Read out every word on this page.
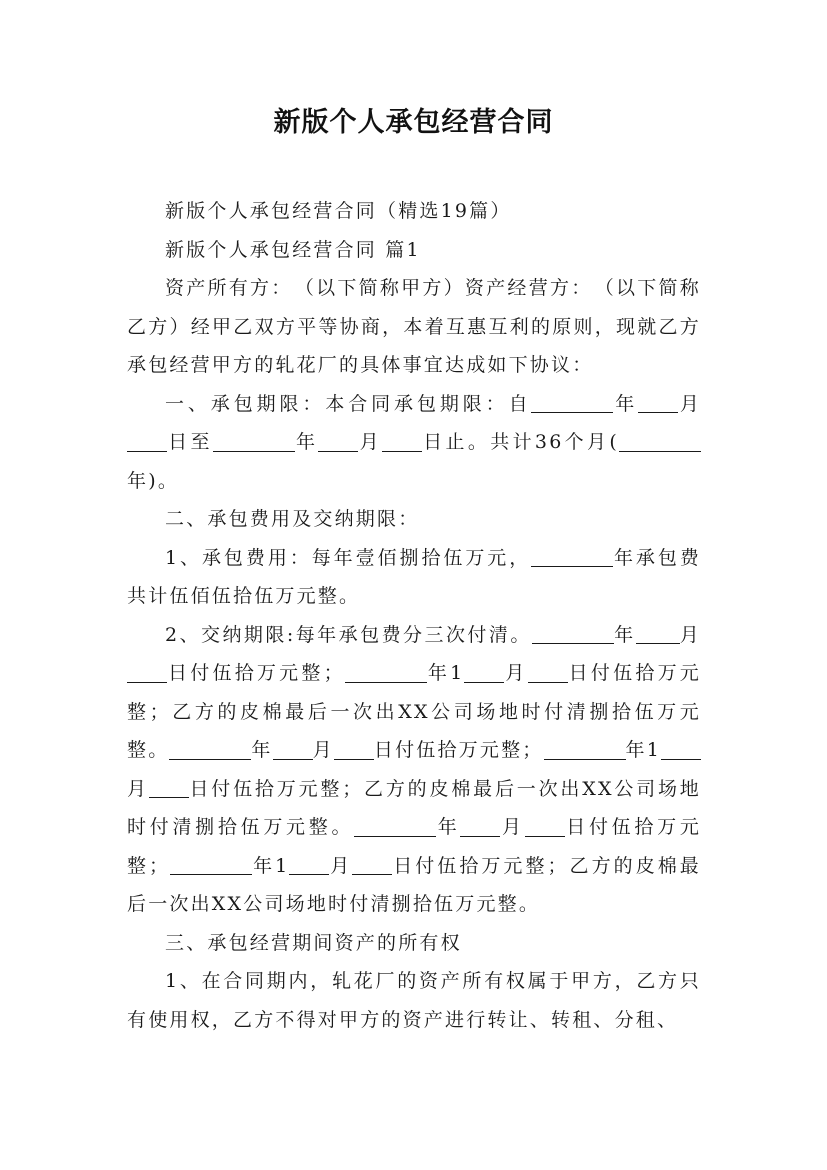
新版个人承包经营合同

新版个人承包经营合同（精选19篇）

新版个人承包经营合同 篇1

资产所有方：　 （以下简称甲方）资产经营方：　 （以下简称乙方）经甲乙双方平等协商，本着互惠互利的原则，现就乙方承包经营甲方的轧花厂的具体事宜达成如下协议：

一、承包期限：本合同承包期限：自	年 月日至	年 月 日止。共计36个月(年)。

二、承包费用及交纳期限：

1、承包费用：每年壹佰捌拾伍万元，	年承包费共计伍佰伍拾伍万元整。

2、交纳期限:每年承包费分三次付清。	年 月日付伍拾万元整；	年1 月 日付伍拾万元整；乙方的皮棉最后一次出XX公司场地时付清捌拾伍万元整。	年 月 日付伍拾万元整；	年1月 日付伍拾万元整；乙方的皮棉最后一次出XX公司场地时付清捌拾伍万元整。	年 月 日付伍拾万元整；	年1 月 日付伍拾万元整；乙方的皮棉最后一次出XX公司场地时付清捌拾伍万元整。

三、承包经营期间资产的所有权

1、在合同期内，轧花厂的资产所有权属于甲方，乙方只有使用权，乙方不得对甲方的资产进行转让、转租、分租、
